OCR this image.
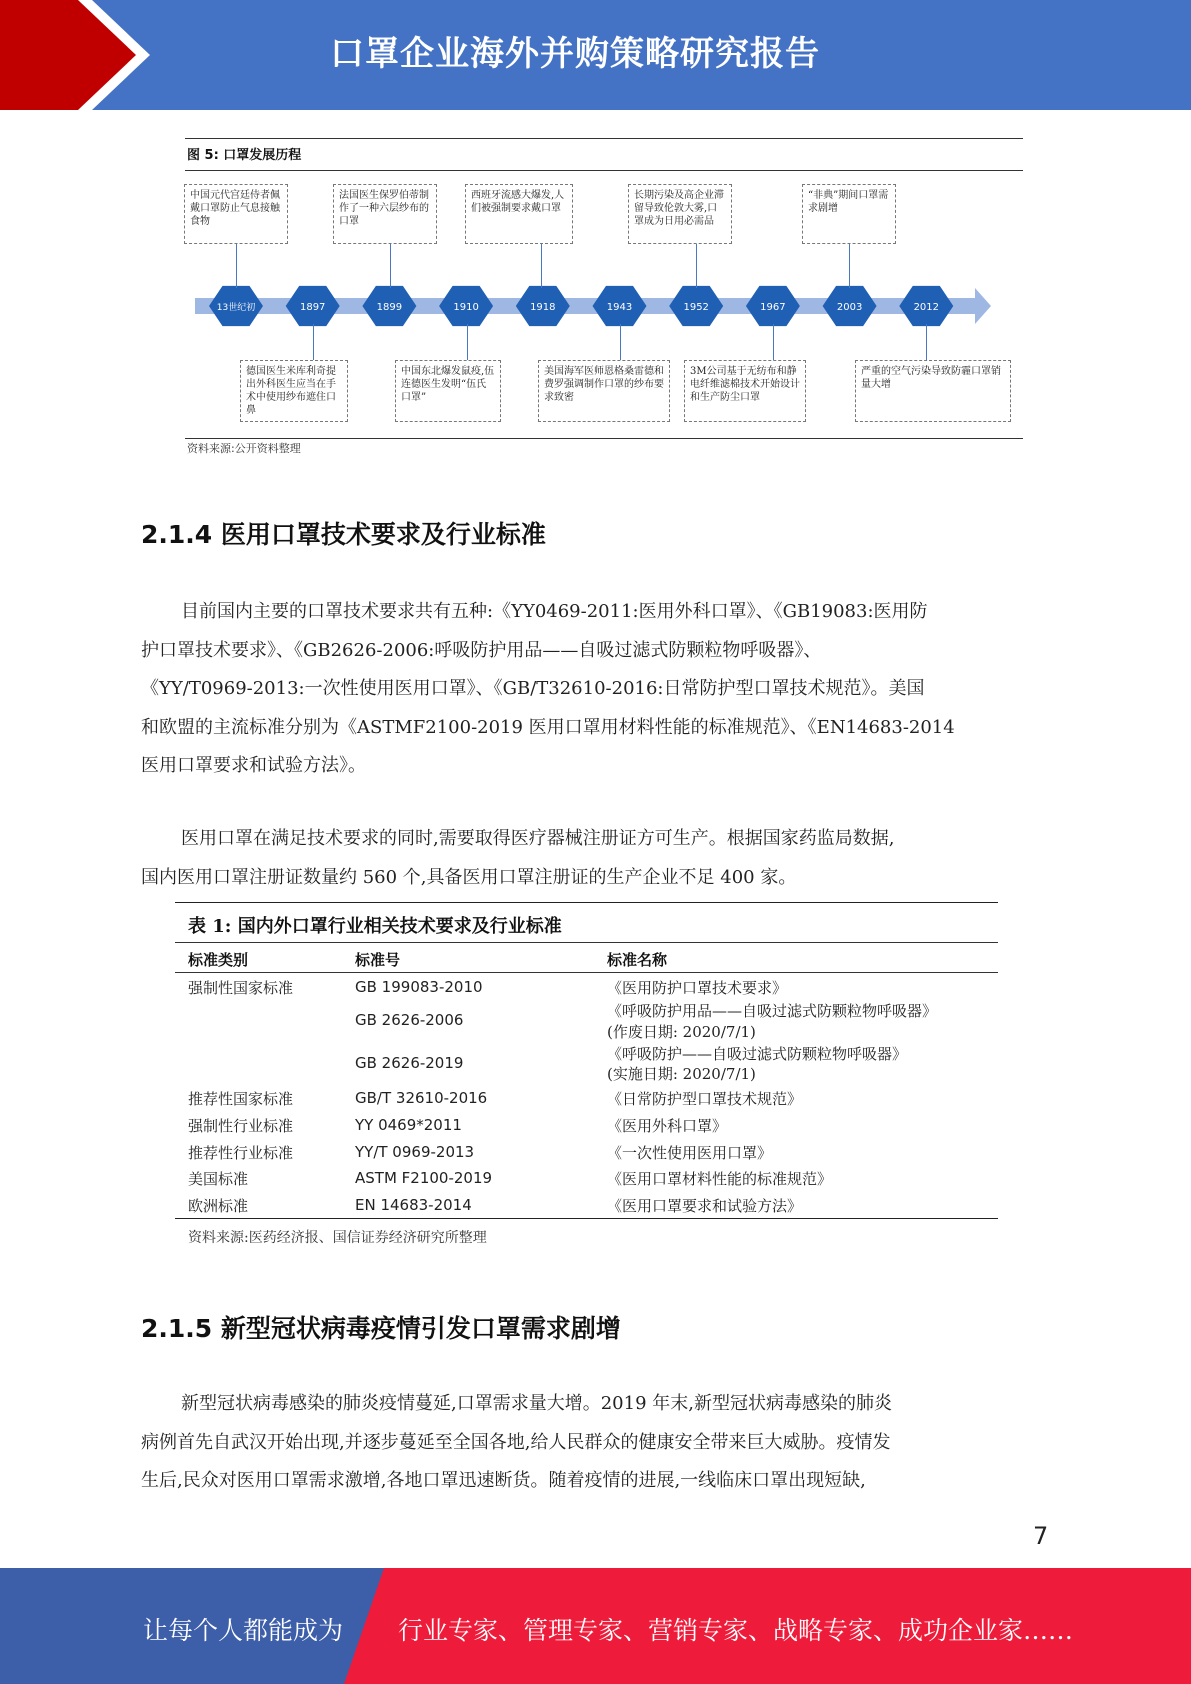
口罩企业海外并购策略研究报告
图 5: 口罩发展历程
13世纪初	1897	1899	1910	1918	1943	1952	1967	2003	2012
中国元代宫廷侍者佩戴口罩防止气息接触食物
法国医生保罗伯蒂制作了一种六层纱布的口罩
西班牙流感大爆发,人们被强制要求戴口罩
长期污染及高企业滞留导致伦敦大雾,口罩成为日用必需品
“非典”期间口罩需求剧增
德国医生米库利奇提出外科医生应当在手术中使用纱布遮住口鼻
中国东北爆发鼠疫,伍连德医生发明“伍氏口罩”
美国海军医师恩格桑雷德和费罗强调制作口罩的纱布要求致密
3M公司基于无纺布和静电纤维滤棉技术开始设计和生产防尘口罩
严重的空气污染导致防霾口罩销量大增
资料来源:公开资料整理
2.1.4 医用口罩技术要求及行业标准
目前国内主要的口罩技术要求共有五种:《YY0469-2011:医用外科口罩》、《GB19083:医用防
护口罩技术要求》、《GB2626-2006:呼吸防护用品——自吸过滤式防颗粒物呼吸器》、
《YY/T0969-2013:一次性使用医用口罩》、《GB/T32610-2016:日常防护型口罩技术规范》。美国
和欧盟的主流标准分别为《ASTMF2100-2019 医用口罩用材料性能的标准规范》、《EN14683-2014
医用口罩要求和试验方法》。
医用口罩在满足技术要求的同时,需要取得医疗器械注册证方可生产。根据国家药监局数据,
国内医用口罩注册证数量约 560 个,具备医用口罩注册证的生产企业不足 400 家。
表 1: 国内外口罩行业相关技术要求及行业标准
标准类别	标准号	标准名称
强制性国家标准	GB 199083-2010	《医用防护口罩技术要求》
GB 2626-2006	《呼吸防护用品——自吸过滤式防颗粒物呼吸器》
(作废日期: 2020/7/1)
GB 2626-2019	《呼吸防护——自吸过滤式防颗粒物呼吸器》
(实施日期: 2020/7/1)
推荐性国家标准	GB/T 32610-2016	《日常防护型口罩技术规范》
强制性行业标准	YY 0469*2011	《医用外科口罩》
推荐性行业标准	YY/T 0969-2013	《一次性使用医用口罩》
美国标准	ASTM F2100-2019	《医用口罩材料性能的标准规范》
欧洲标准	EN 14683-2014	《医用口罩要求和试验方法》
资料来源:医药经济报、国信证券经济研究所整理
2.1.5 新型冠状病毒疫情引发口罩需求剧增
新型冠状病毒感染的肺炎疫情蔓延,口罩需求量大增。2019 年末,新型冠状病毒感染的肺炎
病例首先自武汉开始出现,并逐步蔓延至全国各地,给人民群众的健康安全带来巨大威胁。疫情发
生后,民众对医用口罩需求激增,各地口罩迅速断货。随着疫情的进展,一线临床口罩出现短缺,
7
让每个人都能成为 行业专家、管理专家、营销专家、战略专家、成功企业家……
